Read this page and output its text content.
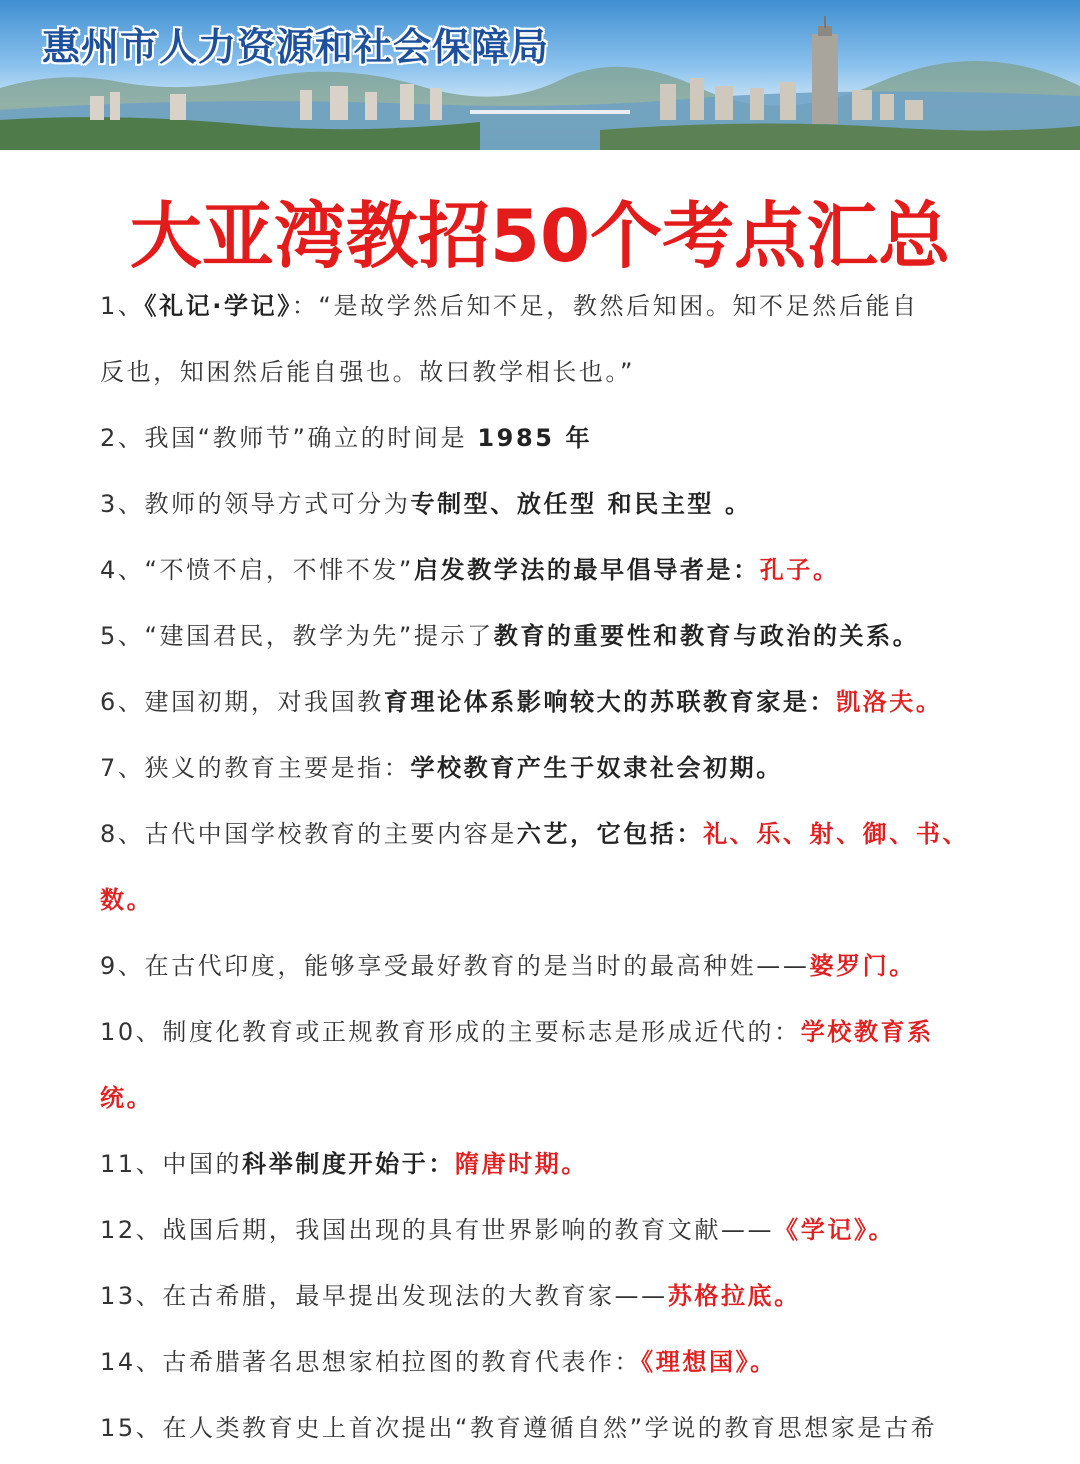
惠州市人力资源和社会保障局
大亚湾教招50个考点汇总
1、《礼记·学记》：“是故学然后知不足，教然后知困。知不足然后能自
反也，知困然后能自强也。故曰教学相长也。”
2、我国“教师节”确立的时间是 1985 年
3、教师的领导方式可分为专制型、放任型 和民主型 。
4、“不愤不启，不悱不发”启发教学法的最早倡导者是：孔子。
5、“建国君民，教学为先”提示了教育的重要性和教育与政治的关系。
6、建国初期，对我国教育理论体系影响较大的苏联教育家是：凯洛夫。
7、狭义的教育主要是指：学校教育产生于奴隶社会初期。
8、古代中国学校教育的主要内容是六艺，它包括：礼、乐、射、御、书、
数。
9、在古代印度，能够享受最好教育的是当时的最高种姓——婆罗门。
10、制度化教育或正规教育形成的主要标志是形成近代的：学校教育系
统。
11、中国的科举制度开始于：隋唐时期。
12、战国后期，我国出现的具有世界影响的教育文献——《学记》。
13、在古希腊，最早提出发现法的大教育家——苏格拉底。
14、古希腊著名思想家柏拉图的教育代表作：《理想国》。
15、在人类教育史上首次提出“教育遵循自然”学说的教育思想家是古希
